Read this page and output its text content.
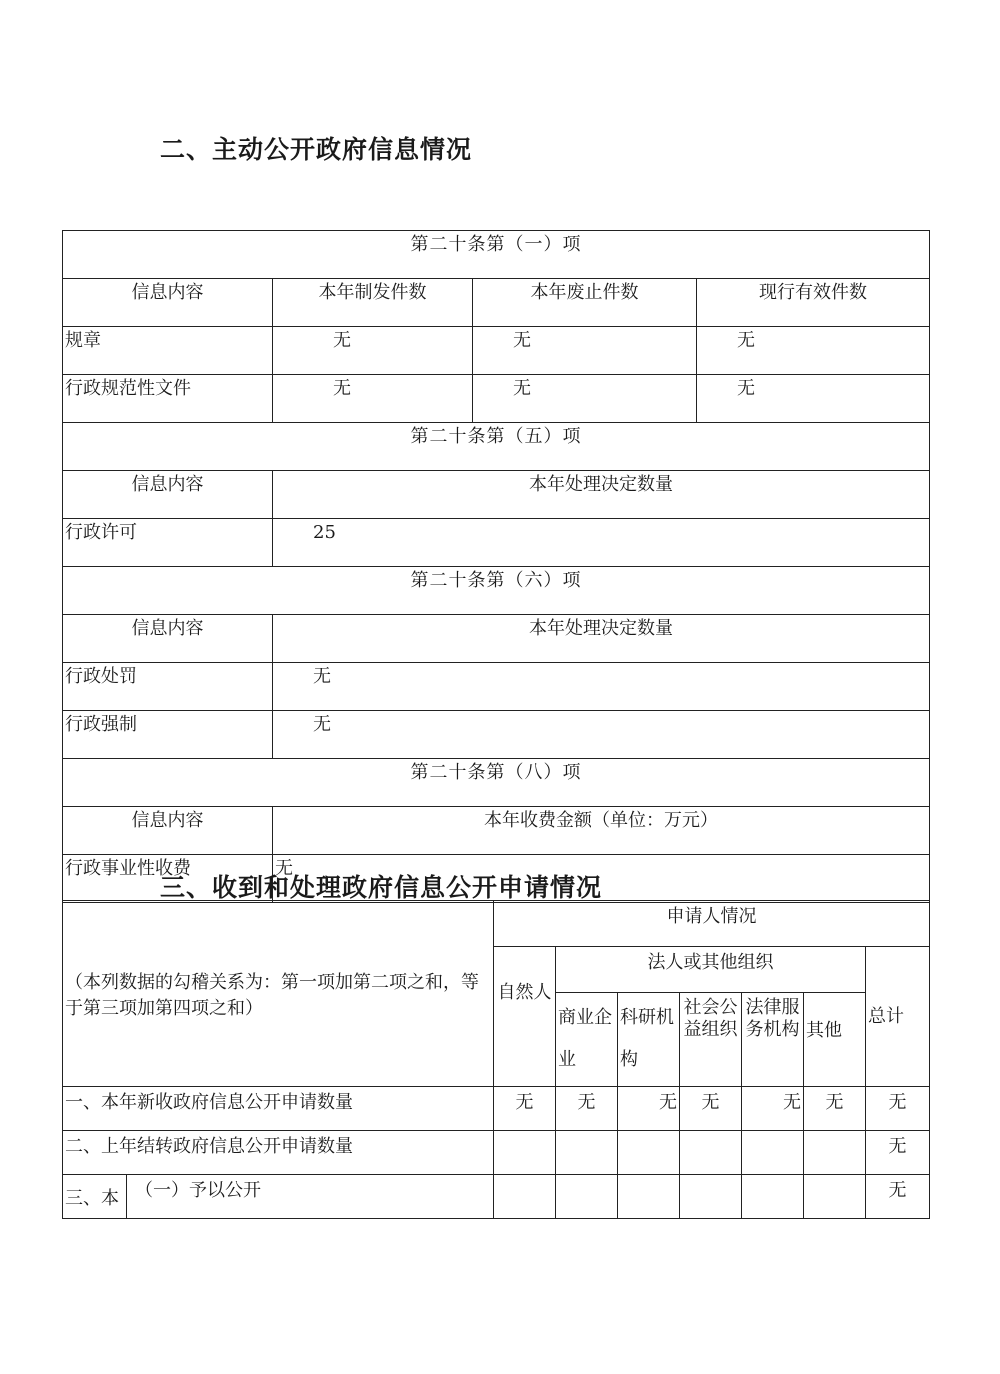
二、主动公开政府信息情况
第二十条第（一）项			
信息内容	本年制发件数	本年废止件数	现行有效件数
规章	无	无	无
行政规范性文件	无	无	无
第二十条第（五）项			
信息内容	本年处理决定数量		
行政许可	25		
第二十条第（六）项			
信息内容	本年处理决定数量		
行政处罚	无		
行政强制	无		
第二十条第（八）项			
信息内容	本年收费金额（单位：万元）		
行政事业性收费	无		
三、收到和处理政府信息公开申请情况
（本列数据的勾稽关系为：第一项加第二项之和，等于第三项加第四项之和）		申请人情况						
		自然人	法人或其他组织					总计
			商业企业	科研机构	社会公益组织	法律服务机构	其他	
一、本年新收政府信息公开申请数量		无	无	无	无	无	无	无
二、上年结转政府信息公开申请数量								无
三、本	（一）予以公开							无
